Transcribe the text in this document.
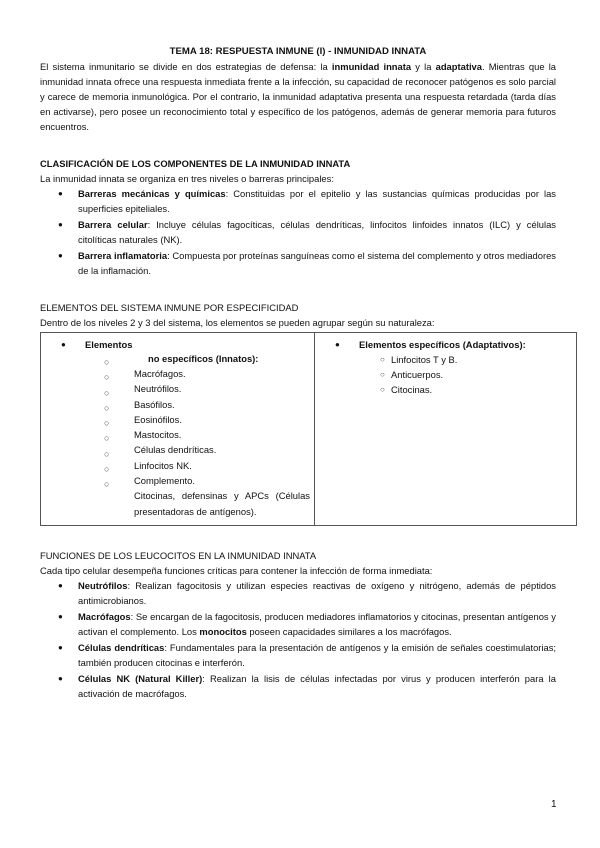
TEMA 18: RESPUESTA INMUNE (I) - INMUNIDAD INNATA

El sistema inmunitario se divide en dos estrategias de defensa: la inmunidad innata y la adaptativa. Mientras que la inmunidad innata ofrece una respuesta inmediata frente a la infección, su capacidad de reconocer patógenos es solo parcial y carece de memoria inmunológica. Por el contrario, la inmunidad adaptativa presenta una respuesta retardada (tarda días en activarse), pero posee un reconocimiento total y específico de los patógenos, además de generar memoria para futuros encuentros.

CLASIFICACIÓN DE LOS COMPONENTES DE LA INMUNIDAD INNATA

La inmunidad innata se organiza en tres niveles o barreras principales:

● Barreras mecánicas y químicas: Constituidas por el epitelio y las sustancias químicas producidas por las superficies epiteliales.
● Barrera celular: Incluye células fagocíticas, células dendríticas, linfocitos linfoides innatos (ILC) y células citolíticas naturales (NK).
● Barrera inflamatoria: Compuesta por proteínas sanguíneas como el sistema del complemento y otros mediadores de la inflamación.

ELEMENTOS DEL SISTEMA INMUNE POR ESPECIFICIDAD

Dentro de los niveles 2 y 3 del sistema, los elementos se pueden agrupar según su naturaleza:

● Elementos
○
○
○
○
○
○
○
○
○
no específicos (Innatos):
Macrófagos.
Neutrófilos.
Basófilos.
Eosinófilos.
Mastocitos.
Células dendríticas.
Linfocitos NK.
Complemento.
Citocinas, defensinas y APCs (Células presentadoras de antígenos).
● Elementos específicos (Adaptativos):
○ Linfocitos T y B.
○ Anticuerpos.
○ Citocinas.

FUNCIONES DE LOS LEUCOCITOS EN LA INMUNIDAD INNATA

Cada tipo celular desempeña funciones críticas para contener la infección de forma inmediata:

● Neutrófilos: Realizan fagocitosis y utilizan especies reactivas de oxígeno y nitrógeno, además de péptidos antimicrobianos.
● Macrófagos: Se encargan de la fagocitosis, producen mediadores inflamatorios y citocinas, presentan antígenos y activan el complemento. Los monocitos poseen capacidades similares a los macrófagos.
● Células dendríticas: Fundamentales para la presentación de antígenos y la emisión de señales coestimulatorias; también producen citocinas e interferón.
● Células NK (Natural Killer): Realizan la lisis de células infectadas por virus y producen interferón para la activación de macrófagos.
1
